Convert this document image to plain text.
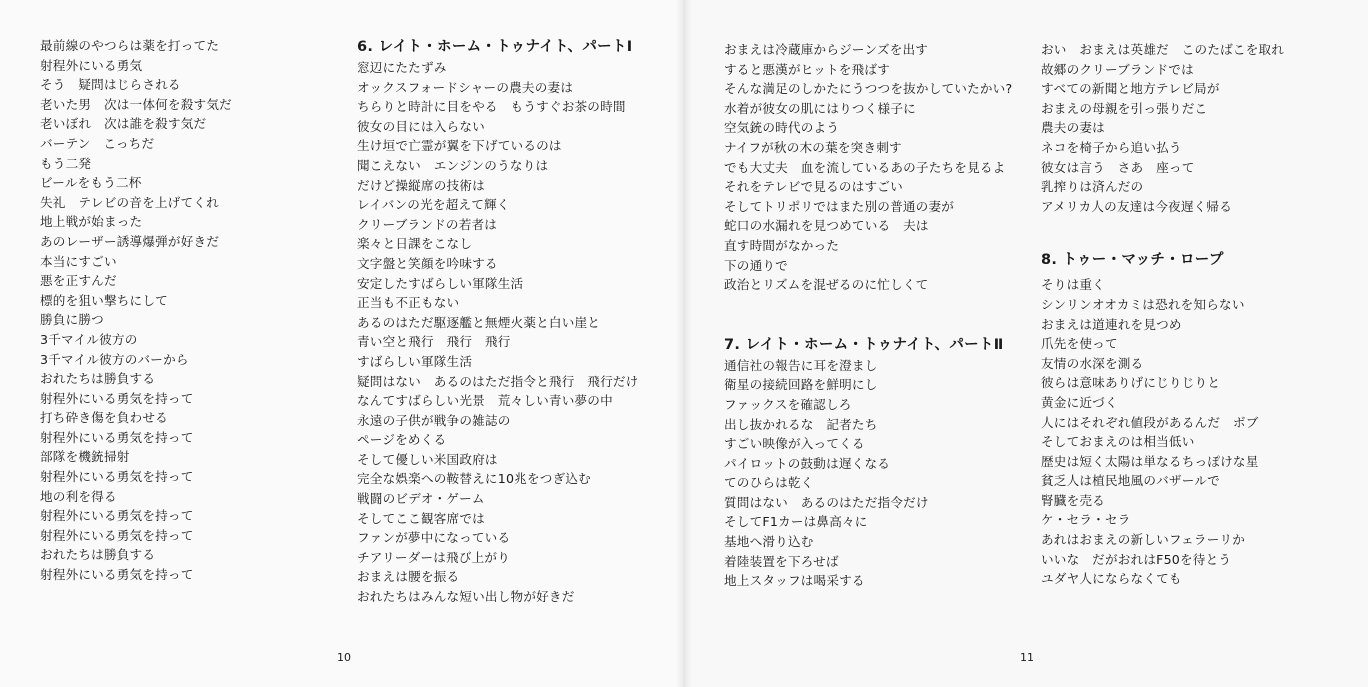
最前線のやつらは薬を打ってた
射程外にいる勇気
そう　疑問はじらされる
老いた男　次は一体何を殺す気だ
老いぼれ　次は誰を殺す気だ
バーテン　こっちだ
もう二発
ビールをもう二杯
失礼　テレビの音を上げてくれ
地上戦が始まった
あのレーザー誘導爆弾が好きだ
本当にすごい
悪を正すんだ
標的を狙い撃ちにして
勝負に勝つ
3千マイル彼方の
3千マイル彼方のバーから
おれたちは勝負する
射程外にいる勇気を持って
打ち砕き傷を負わせる
射程外にいる勇気を持って
部隊を機銃掃射
射程外にいる勇気を持って
地の利を得る
射程外にいる勇気を持って
射程外にいる勇気を持って
おれたちは勝負する
射程外にいる勇気を持って
6. レイト・ホーム・トゥナイト、パートⅠ
窓辺にたたずみ
オックスフォードシャーの農夫の妻は
ちらりと時計に目をやる　もうすぐお茶の時間
彼女の目には入らない
生け垣で亡霊が翼を下げているのは
聞こえない　エンジンのうなりは
だけど操縦席の技術は
レイバンの光を超えて輝く
クリーブランドの若者は
楽々と日課をこなし
文字盤と笑顔を吟味する
安定したすばらしい軍隊生活
正当も不正もない
あるのはただ駆逐艦と無煙火薬と白い崖と
青い空と飛行　飛行　飛行
すばらしい軍隊生活
疑問はない　あるのはただ指令と飛行　飛行だけ
なんてすばらしい光景　荒々しい青い夢の中
永遠の子供が戦争の雑誌の
ページをめくる
そして優しい米国政府は
完全な娯楽への鞍替えに10兆をつぎ込む
戦闘のビデオ・ゲーム
そしてここ観客席では
ファンが夢中になっている
チアリーダーは飛び上がり
おまえは腰を振る
おれたちはみんな短い出し物が好きだ
10
おまえは冷蔵庫からジーンズを出す
すると悪漢がヒットを飛ばす
そんな満足のしかたにうつつを抜かしていたかい?
水着が彼女の肌にはりつく様子に
空気銃の時代のよう
ナイフが秋の木の葉を突き刺す
でも大丈夫　血を流しているあの子たちを見るよ
それをテレビで見るのはすごい
そしてトリポリではまた別の普通の妻が
蛇口の水漏れを見つめている　夫は
直す時間がなかった
下の通りで
政治とリズムを混ぜるのに忙しくて
7. レイト・ホーム・トゥナイト、パートⅡ
通信社の報告に耳を澄まし
衛星の接続回路を鮮明にし
ファックスを確認しろ
出し抜かれるな　記者たち
すごい映像が入ってくる
パイロットの鼓動は遅くなる
てのひらは乾く
質問はない　あるのはただ指令だけ
そしてF1カーは鼻高々に
基地へ滑り込む
着陸装置を下ろせば
地上スタッフは喝采する
おい　おまえは英雄だ　このたばこを取れ
故郷のクリーブランドでは
すべての新聞と地方テレビ局が
おまえの母親を引っ張りだこ
農夫の妻は
ネコを椅子から追い払う
彼女は言う　さあ　座って
乳搾りは済んだの
アメリカ人の友達は今夜遅く帰る
8. トゥー・マッチ・ロープ
そりは重く
シンリンオオカミは恐れを知らない
おまえは道連れを見つめ
爪先を使って
友情の水深を測る
彼らは意味ありげにじりじりと
黄金に近づく
人にはそれぞれ値段があるんだ　ボブ
そしておまえのは相当低い
歴史は短く太陽は単なるちっぽけな星
貧乏人は植民地風のバザールで
腎臓を売る
ケ・セラ・セラ
あれはおまえの新しいフェラーリか
いいな　だがおれはF50を待とう
ユダヤ人にならなくても
11
